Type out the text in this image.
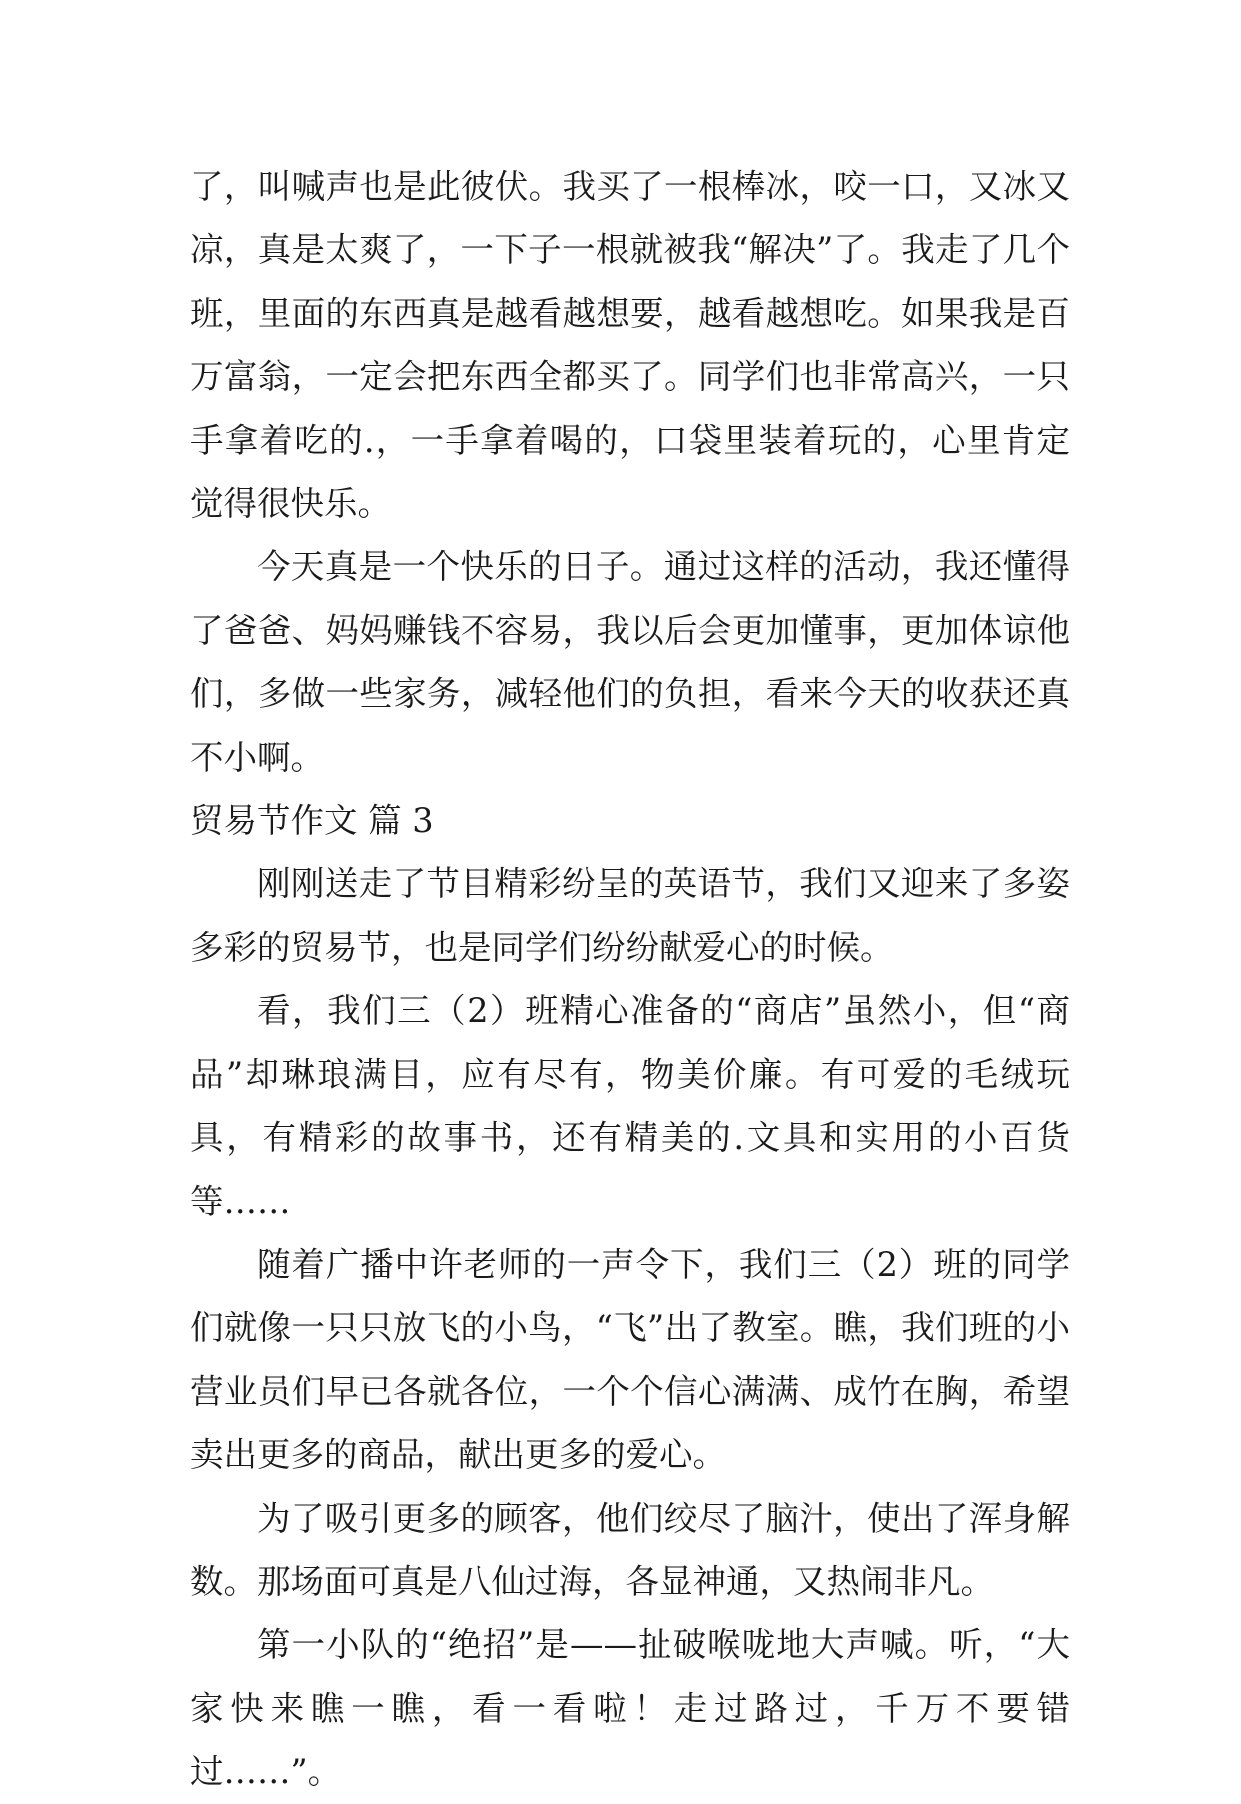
了，叫喊声也是此彼伏。我买了一根棒冰，咬一口，又冰又凉，真是太爽了，一下子一根就被我“解决”了。我走了几个班，里面的东西真是越看越想要，越看越想吃。如果我是百万富翁，一定会把东西全都买了。同学们也非常高兴，一只手拿着吃的.，一手拿着喝的，口袋里装着玩的，心里肯定觉得很快乐。

今天真是一个快乐的日子。通过这样的活动，我还懂得了爸爸、妈妈赚钱不容易，我以后会更加懂事，更加体谅他们，多做一些家务，减轻他们的负担，看来今天的收获还真不小啊。

贸易节作文 篇 3

刚刚送走了节目精彩纷呈的英语节，我们又迎来了多姿多彩的贸易节，也是同学们纷纷献爱心的时候。

看，我们三（2）班精心准备的“商店”虽然小，但“商品”却琳琅满目，应有尽有，物美价廉。有可爱的毛绒玩具，有精彩的故事书，还有精美的.文具和实用的小百货等……

随着广播中许老师的一声令下，我们三（2）班的同学们就像一只只放飞的小鸟，“飞”出了教室。瞧，我们班的小营业员们早已各就各位，一个个信心满满、成竹在胸，希望卖出更多的商品，献出更多的爱心。

为了吸引更多的顾客，他们绞尽了脑汁，使出了浑身解数。那场面可真是八仙过海，各显神通，又热闹非凡。

第一小队的“绝招”是——扯破喉咙地大声喊。听，“大家快来瞧一瞧，看一看啦！走过路过，千万不要错过……”。
